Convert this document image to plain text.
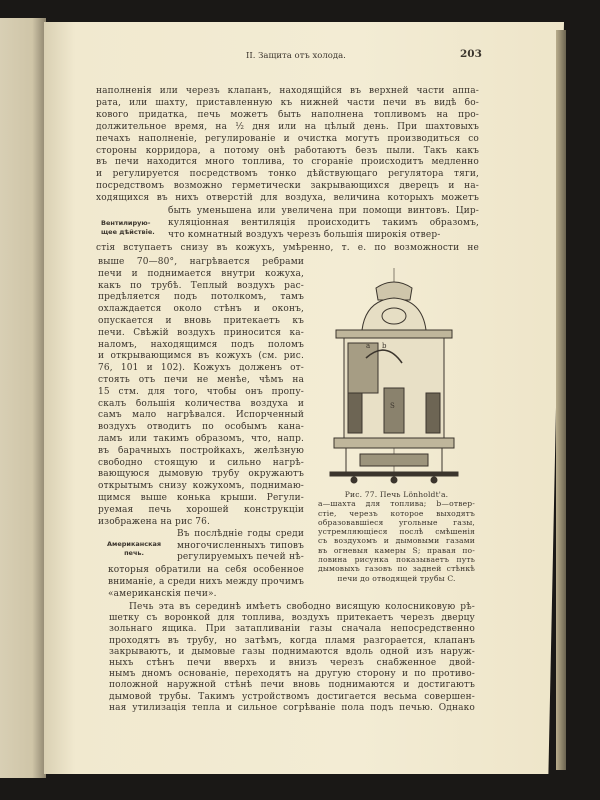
II. Защита отъ холода.	203
наполненія или черезъ клапанъ, находящійся въ верхней части аппа-
рата, или шахту, приставленную къ нижней части печи въ видѣ бо-
кового придатка, печь можетъ быть наполнена топливомъ на про-
должительное время, на ½ дня или на цѣлый день. При шахтовыхъ
печахъ наполненіе, регулированіе и очистка могутъ производиться со
стороны корридора, а потому онѣ работаютъ безъ пыли. Такъ какъ
въ печи находится много топлива, то сгораніе происходитъ медленно
и регулируется посредствомъ тонко дѣйствующаго регулятора тяги,
посредствомъ возможно герметически закрывающихся дверецъ и на-
ходящихся въ нихъ отверстій для воздуха, величина которыхъ можетъ
быть уменьшена или увеличена при помощи винтовъ. Цир-
куляціонная вентиляція происходитъ такимъ образомъ,
что комнатный воздухъ черезъ большія широкія отвер-
стія вступаетъ снизу въ кожухъ, умѣренно, т. е. по возможности не
выше 70—80°, нагрѣвается ребрами
печи и поднимается внутри кожуха,
какъ по трубѣ. Теплый воздухъ рас-
предѣляется подъ потолкомъ, тамъ
охлаждается около стѣнъ и оконъ,
опускается и вновь притекаетъ къ
печи. Свѣжій воздухъ приносится ка-
наломъ, находящимся подъ поломъ
и открывающимся въ кожухъ (см. рис.
76, 101 и 102). Кожухъ долженъ от-
стоять отъ печи не менѣе, чѣмъ на
15 стм. для того, чтобы онъ пропу-
скалъ большія количества воздуха и
самъ мало нагрѣвался. Испорченный
воздухъ отводитъ по особымъ кана-
ламъ или такимъ образомъ, что, напр.
въ барачныхъ постройкахъ, желѣзную
свободно стоящую и сильно нагрѣ-
вающуюся дымовую трубу окружаютъ
открытымъ снизу кожухомъ, поднимаю-
щимся выше конька крыши. Регули-
руемая печь хорошей конструкціи
изображена на рис 76.
Въ послѣдніе годы среди
многочисленныхъ типовъ
регулируемыхъ печей нѣ-
которыя обратили на себя особенное
вниманіе, а среди нихъ между прочимъ
«американскія печи».
Печь эта въ серединѣ имѣетъ свободно висящую колосниковую рѣ-
шетку съ воронкой для топлива, воздухъ притекаетъ черезъ дверцу
зольнаго ящика. При затапливаніи газы сначала непосредственно
проходятъ въ трубу, но затѣмъ, когда пламя разгорается, клапанъ
закрываютъ, и дымовые газы поднимаются вдоль одной изъ наруж-
ныхъ стѣнъ печи вверхъ и внизъ черезъ снабженное двой-
нымъ дномъ основаніе, переходятъ на другую сторону и по противо-
положной наружной стѣнѣ печи вновь поднимаются и достигаютъ
дымовой трубы. Такимъ устройствомъ достигается весьма совершен-
ная утилизація тепла и сильное согрѣваніе пола подъ печью. Однако
Рис. 77. Печь Lönholdt'a.
a—шахта для топлива; b—отвер-
стіе, черезъ которое выходятъ
образовавшіеся угольные газы,
устремляющіеся послѣ смѣшенія
съ воздухомъ и дымовыми газами
въ огневыя камеры S; правая по-
ловина рисунка показываетъ путь
дымовыхъ газовъ по задней стѣнкѣ
печи до отводящей трубы C.
Вентилирую-
щее дѣйствіе.
Американская
печь.
a b
S
